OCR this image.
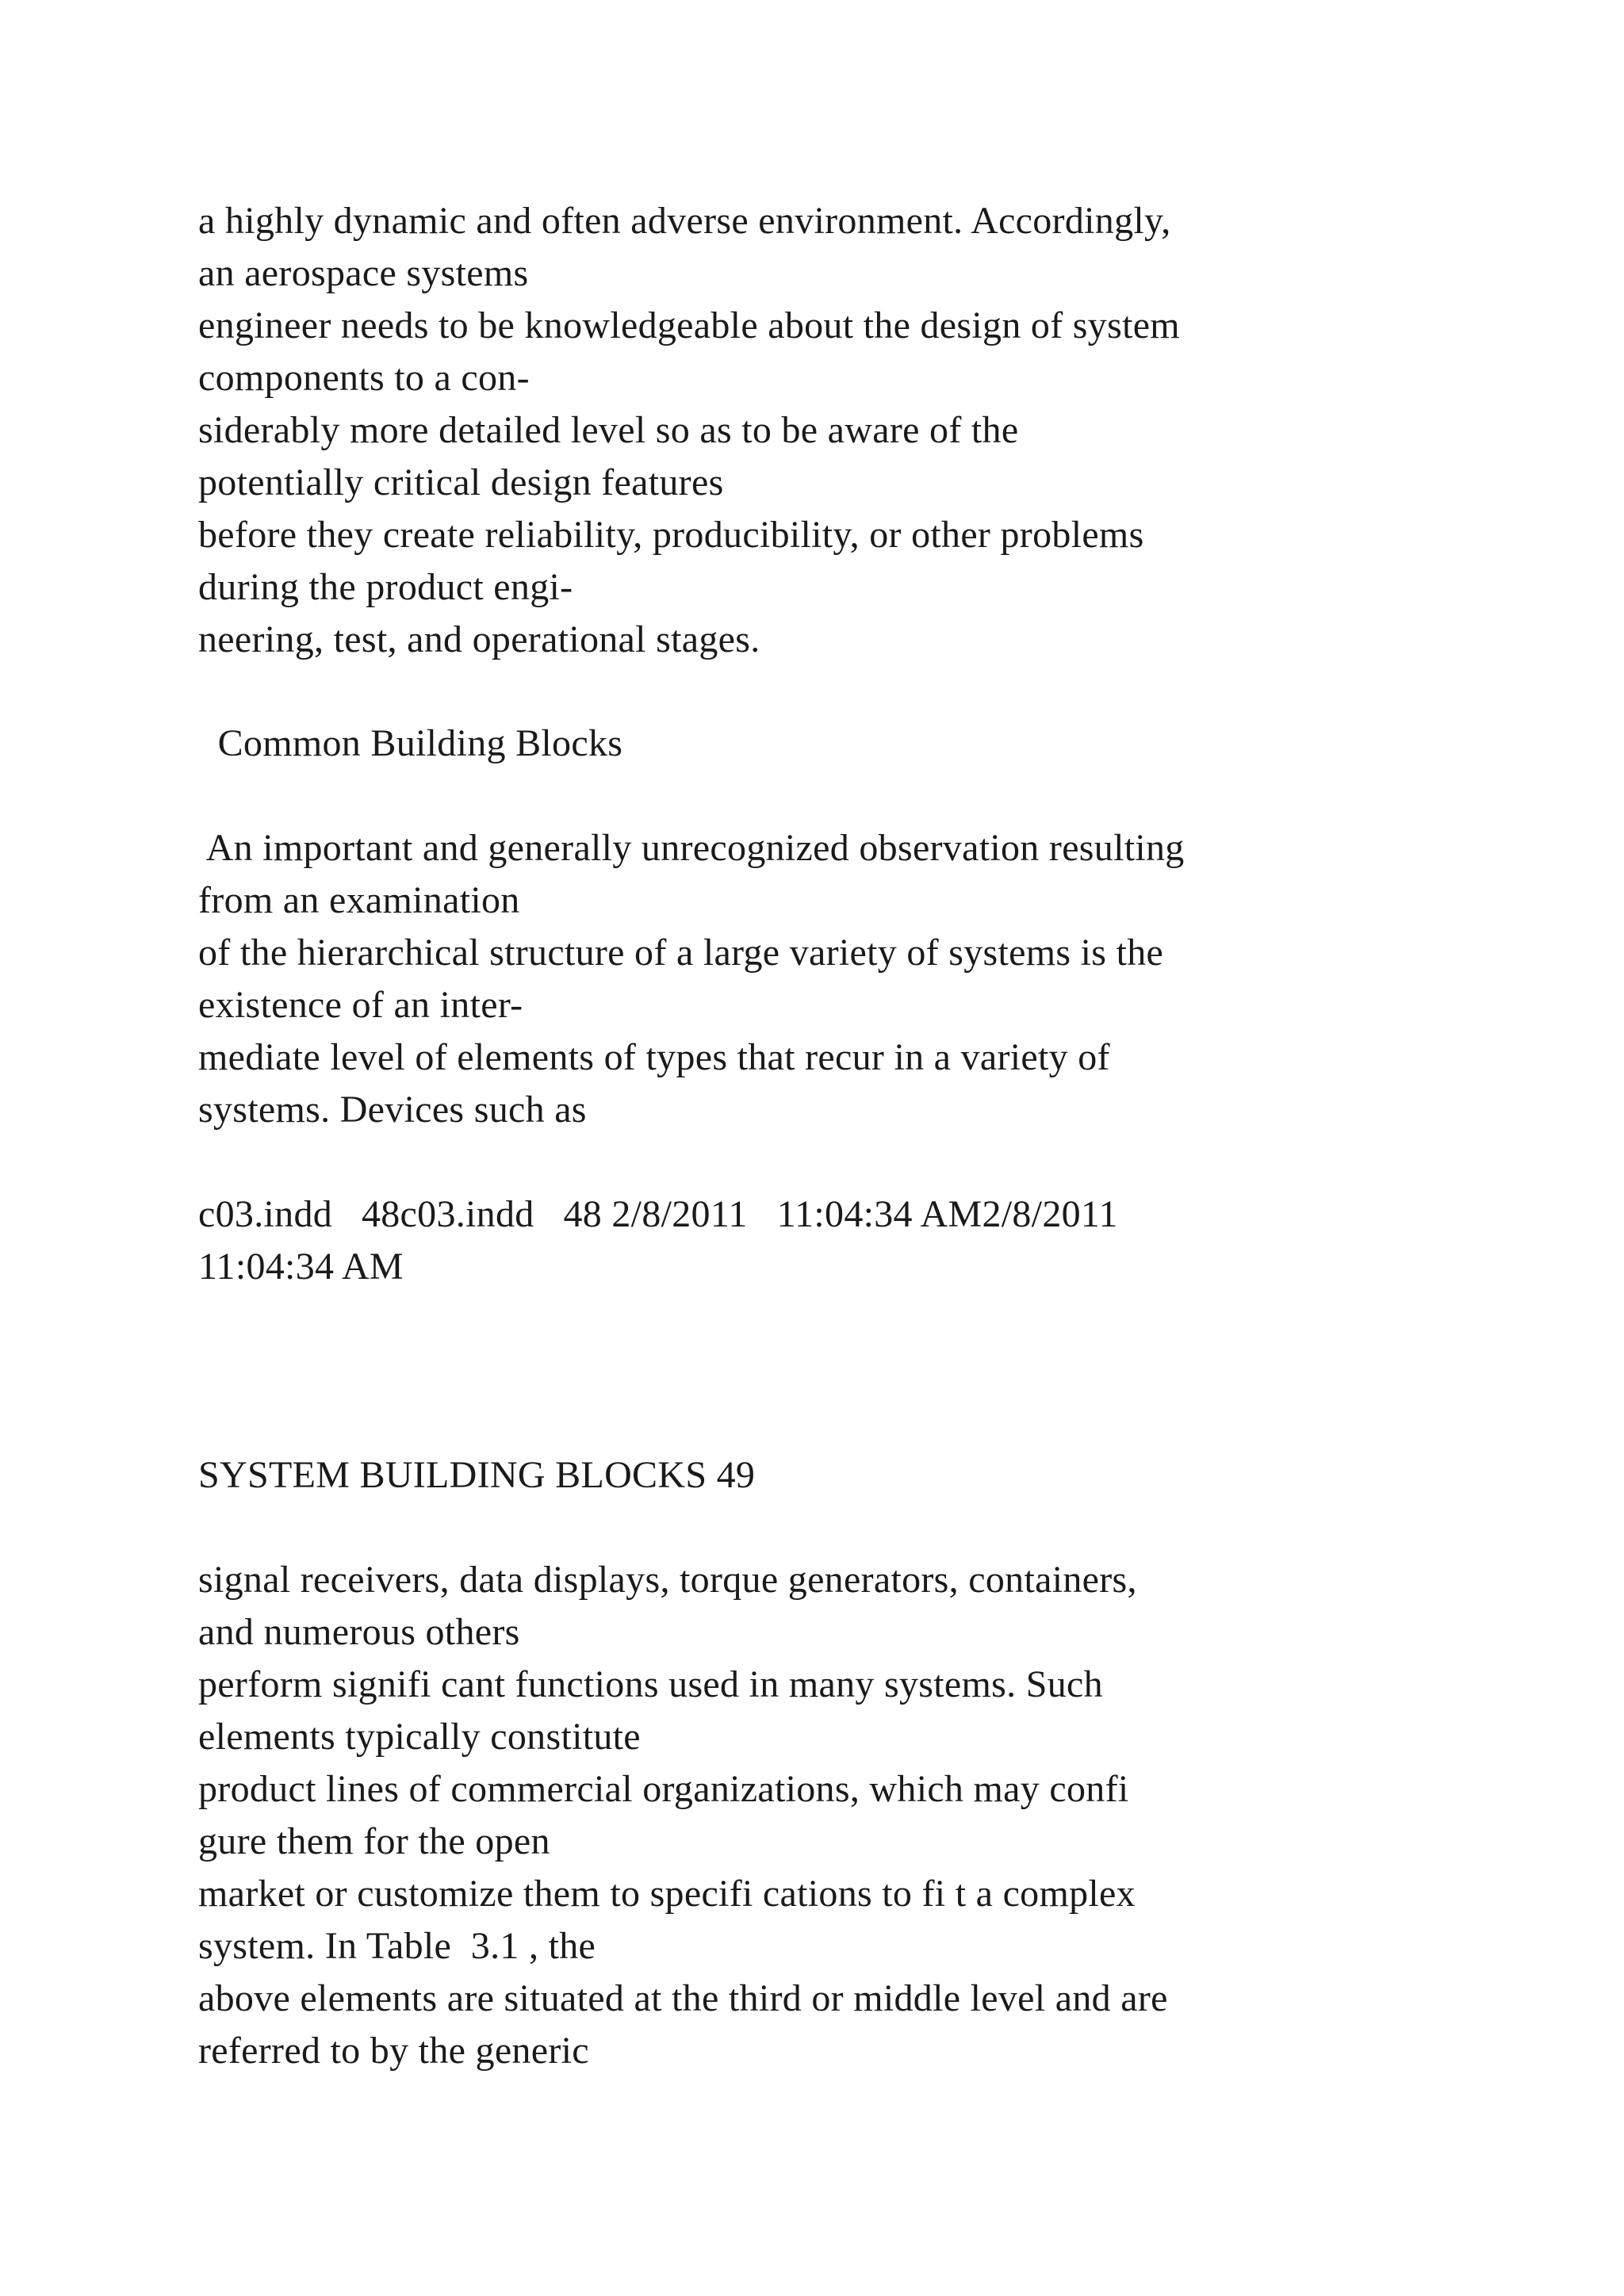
a highly dynamic and often adverse environment. Accordingly,

an aerospace systems

engineer needs to be knowledgeable about the design of system

components to a con-

siderably more detailed level so as to be aware of the

potentially critical design features

before they create reliability, producibility, or other problems

during the product engi-

neering, test, and operational stages.

Common Building Blocks

An important and generally unrecognized observation resulting

from an examination

of the hierarchical structure of a large variety of systems is the

existence of an inter-

mediate level of elements of types that recur in a variety of

systems. Devices such as

c03.indd   48c03.indd   48 2/8/2011   11:04:34 AM2/8/2011

11:04:34 AM

SYSTEM BUILDING BLOCKS 49

signal receivers, data displays, torque generators, containers,

and numerous others

perform signifi cant functions used in many systems. Such

elements typically constitute

product lines of commercial organizations, which may confi

gure them for the open

market or customize them to specifi cations to fi t a complex

system. In Table  3.1 , the

above elements are situated at the third or middle level and are

referred to by the generic
